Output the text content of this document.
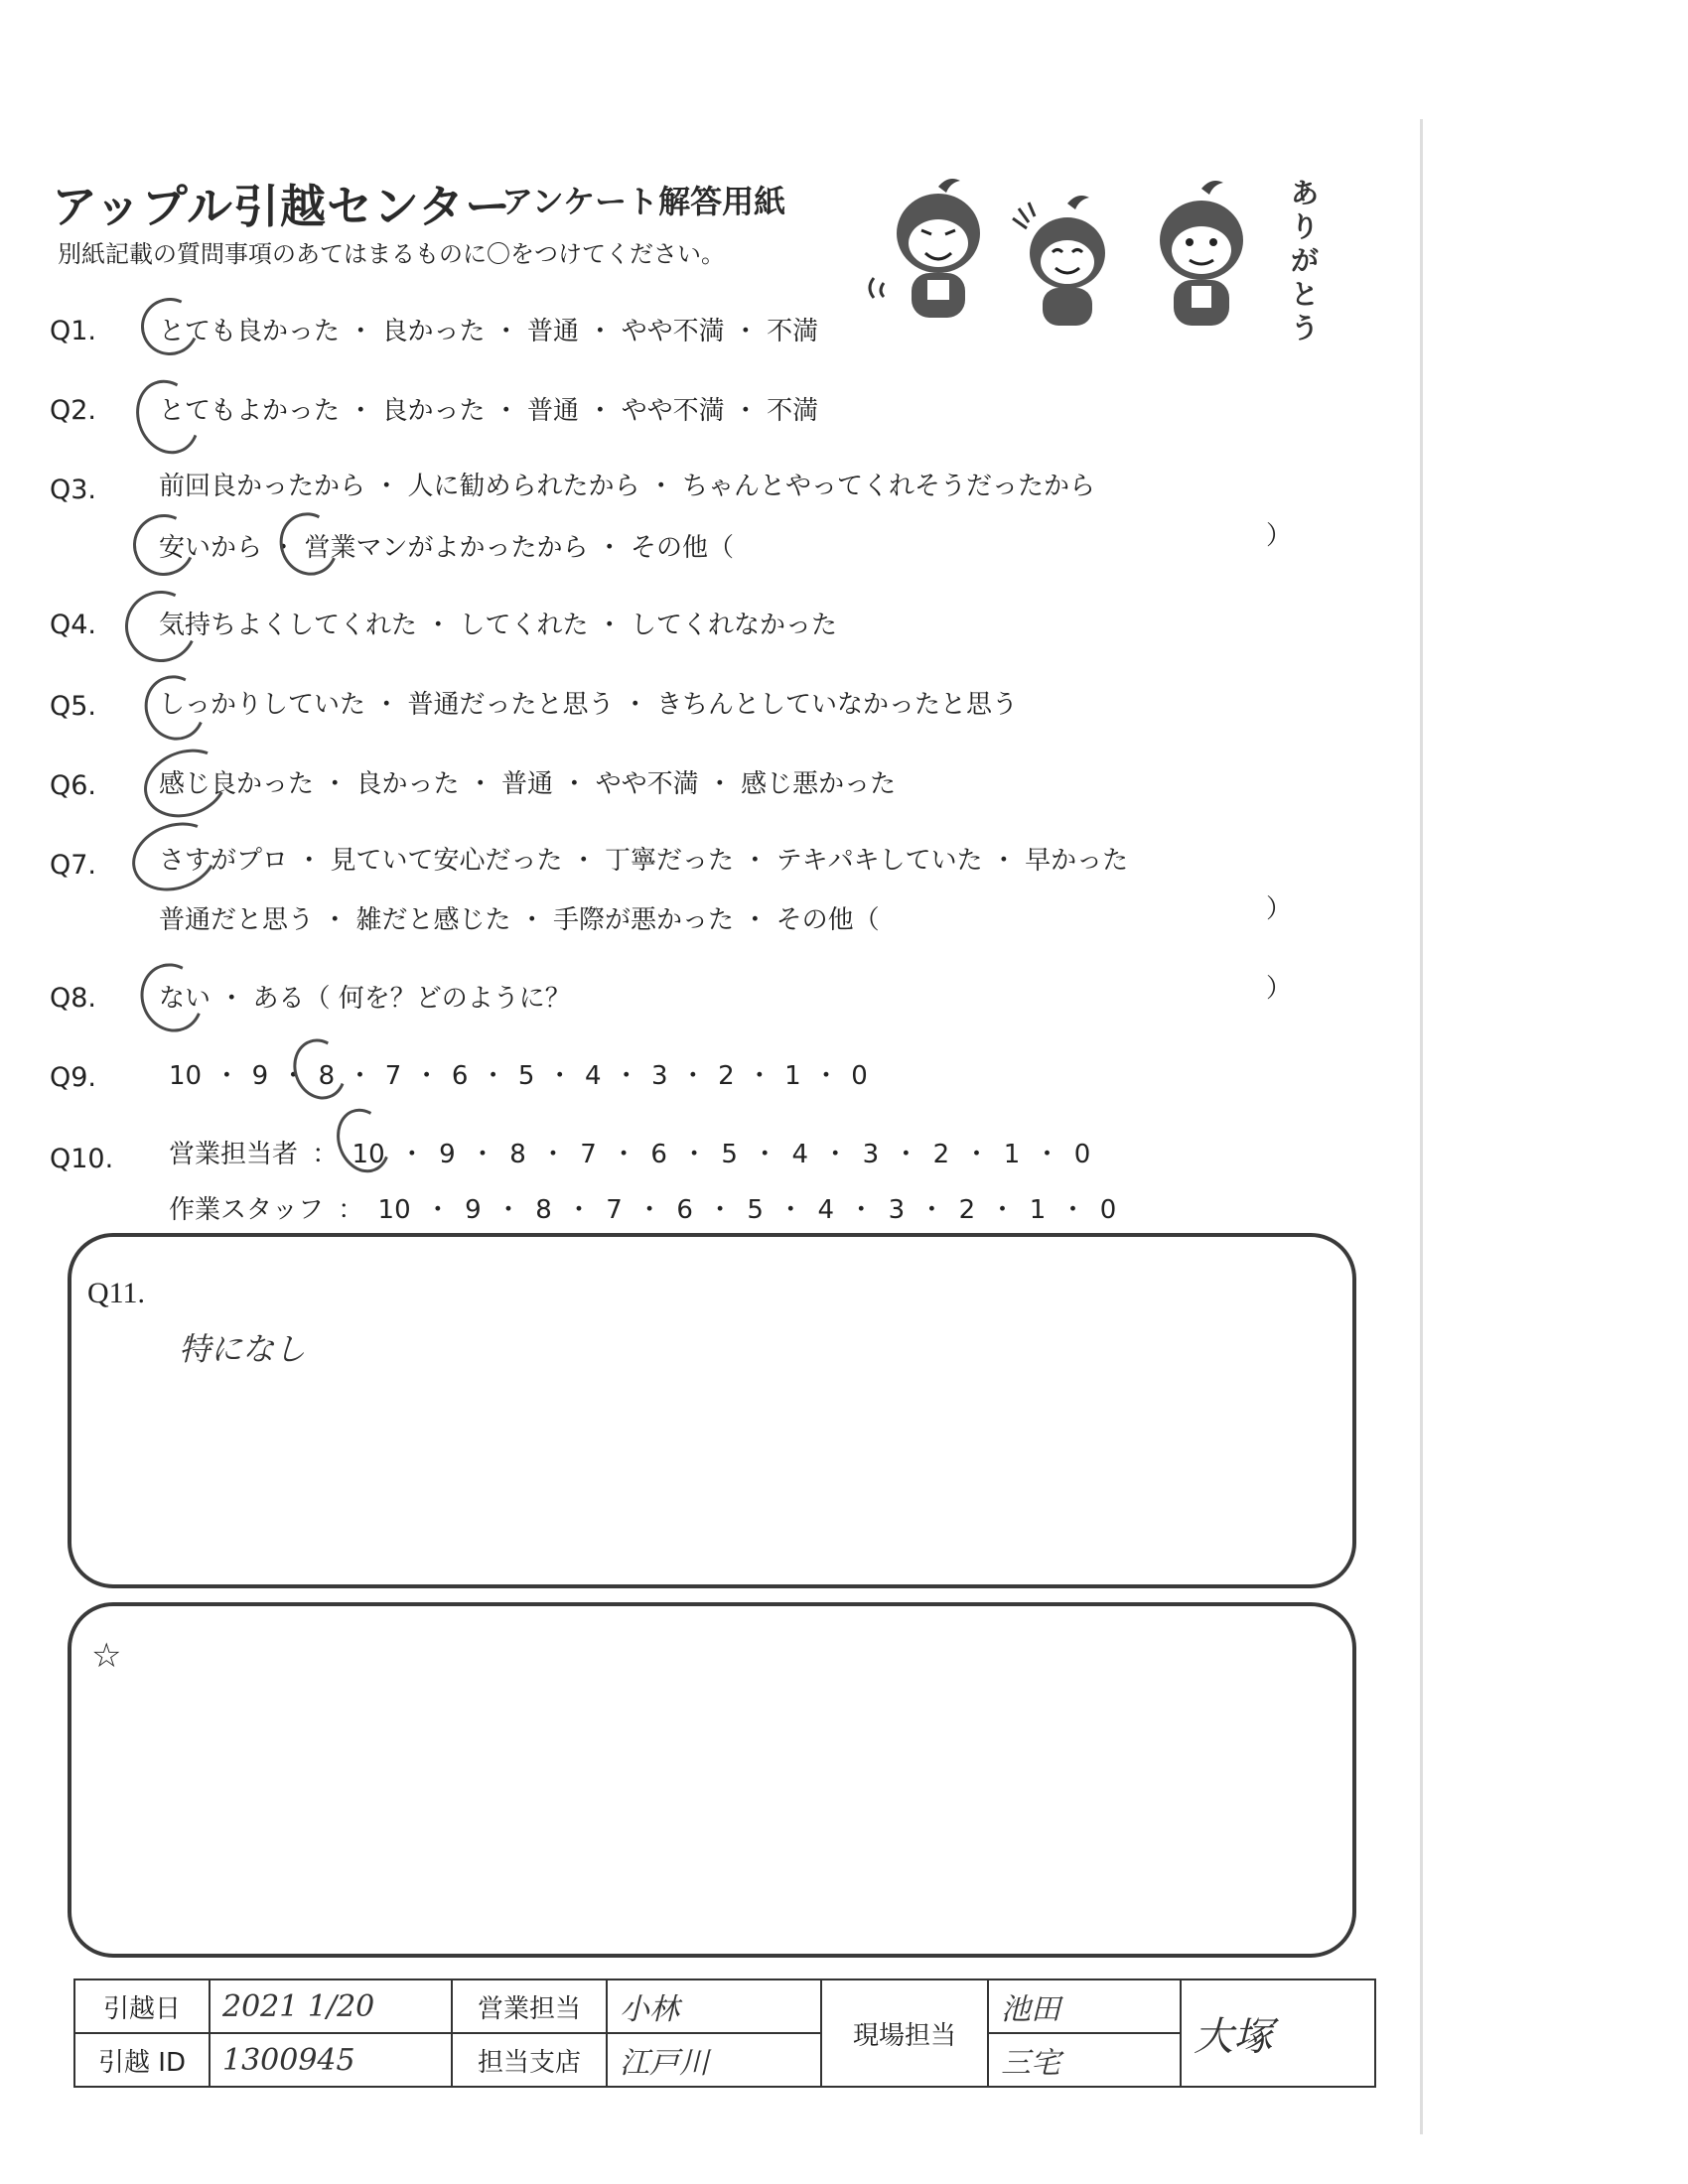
アップル引越センター
アンケート解答用紙
別紙記載の質問事項のあてはまるものに〇をつけてください。
ありがとう
Q1. とても良かった ・ 良かった ・ 普通 ・ やや不満 ・ 不満
Q2. とてもよかった ・ 良かった ・ 普通 ・ やや不満 ・ 不満
Q3. 前回良かったから ・ 人に勧められたから ・ ちゃんとやってくれそうだったから
安いから ・ 営業マンがよかったから ・ その他（	）
Q4. 気持ちよくしてくれた ・ してくれた ・ してくれなかった
Q5. しっかりしていた ・ 普通だったと思う ・ きちんとしていなかったと思う
Q6. 感じ良かった ・ 良かった ・ 普通 ・ やや不満 ・ 感じ悪かった
Q7. さすがプロ ・ 見ていて安心だった ・ 丁寧だった ・ テキパキしていた ・ 早かった
普通だと思う ・ 雑だと感じた ・ 手際が悪かった ・ その他（	）
Q8. ない ・ ある（ 何を？どのように？	）
Q9.	10 ・ 9 ・ 8 ・ 7 ・ 6 ・ 5 ・ 4 ・ 3 ・ 2 ・ 1 ・ 0
Q10. 営業担当者 ： 10 ・ 9 ・ 8 ・ 7 ・ 6 ・ 5 ・ 4 ・ 3 ・ 2 ・ 1 ・ 0
作業スタッフ ： 10 ・ 9 ・ 8 ・ 7 ・ 6 ・ 5 ・ 4 ・ 3 ・ 2 ・ 1 ・ 0
Q11.
特になし
☆
引越日	2021 1/20	営業担当	小林	現場担当	池田	大塚
引越 ID	1300945	担当支店	江戸川		三宅	
